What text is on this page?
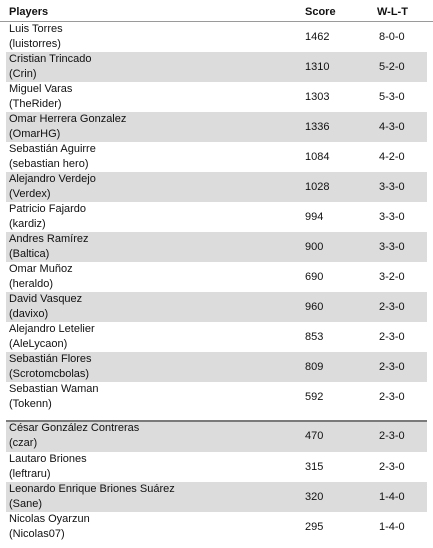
Players	Score	W-L-T
Luis Torres
(luistorres)
1462	8-0-0
Cristian Trincado
(Crin)
1310	5-2-0
Miguel Varas
(TheRider)
1303	5-3-0
Omar Herrera Gonzalez
(OmarHG)
1336	4-3-0
Sebastián Aguirre
(sebastian hero)
1084	4-2-0
Alejandro Verdejo
(Verdex)
1028	3-3-0
Patricio Fajardo
(kardiz)
994	3-3-0
Andres Ramírez
(Baltica)
900	3-3-0
Omar Muñoz
(heraldo)
690	3-2-0
David Vasquez
(davixo)
960	2-3-0
Alejandro Letelier
(AleLycaon)
853	2-3-0
Sebastián Flores
(Scrotomcbolas)
809	2-3-0
Sebastian Waman
(Tokenn)
592	2-3-0
César González Contreras
(czar)
470	2-3-0
Lautaro Briones
(leftraru)
315	2-3-0
Leonardo Enrique Briones Suárez
(Sane)
320	1-4-0
Nicolas Oyarzun
(Nicolas07)
295	1-4-0
